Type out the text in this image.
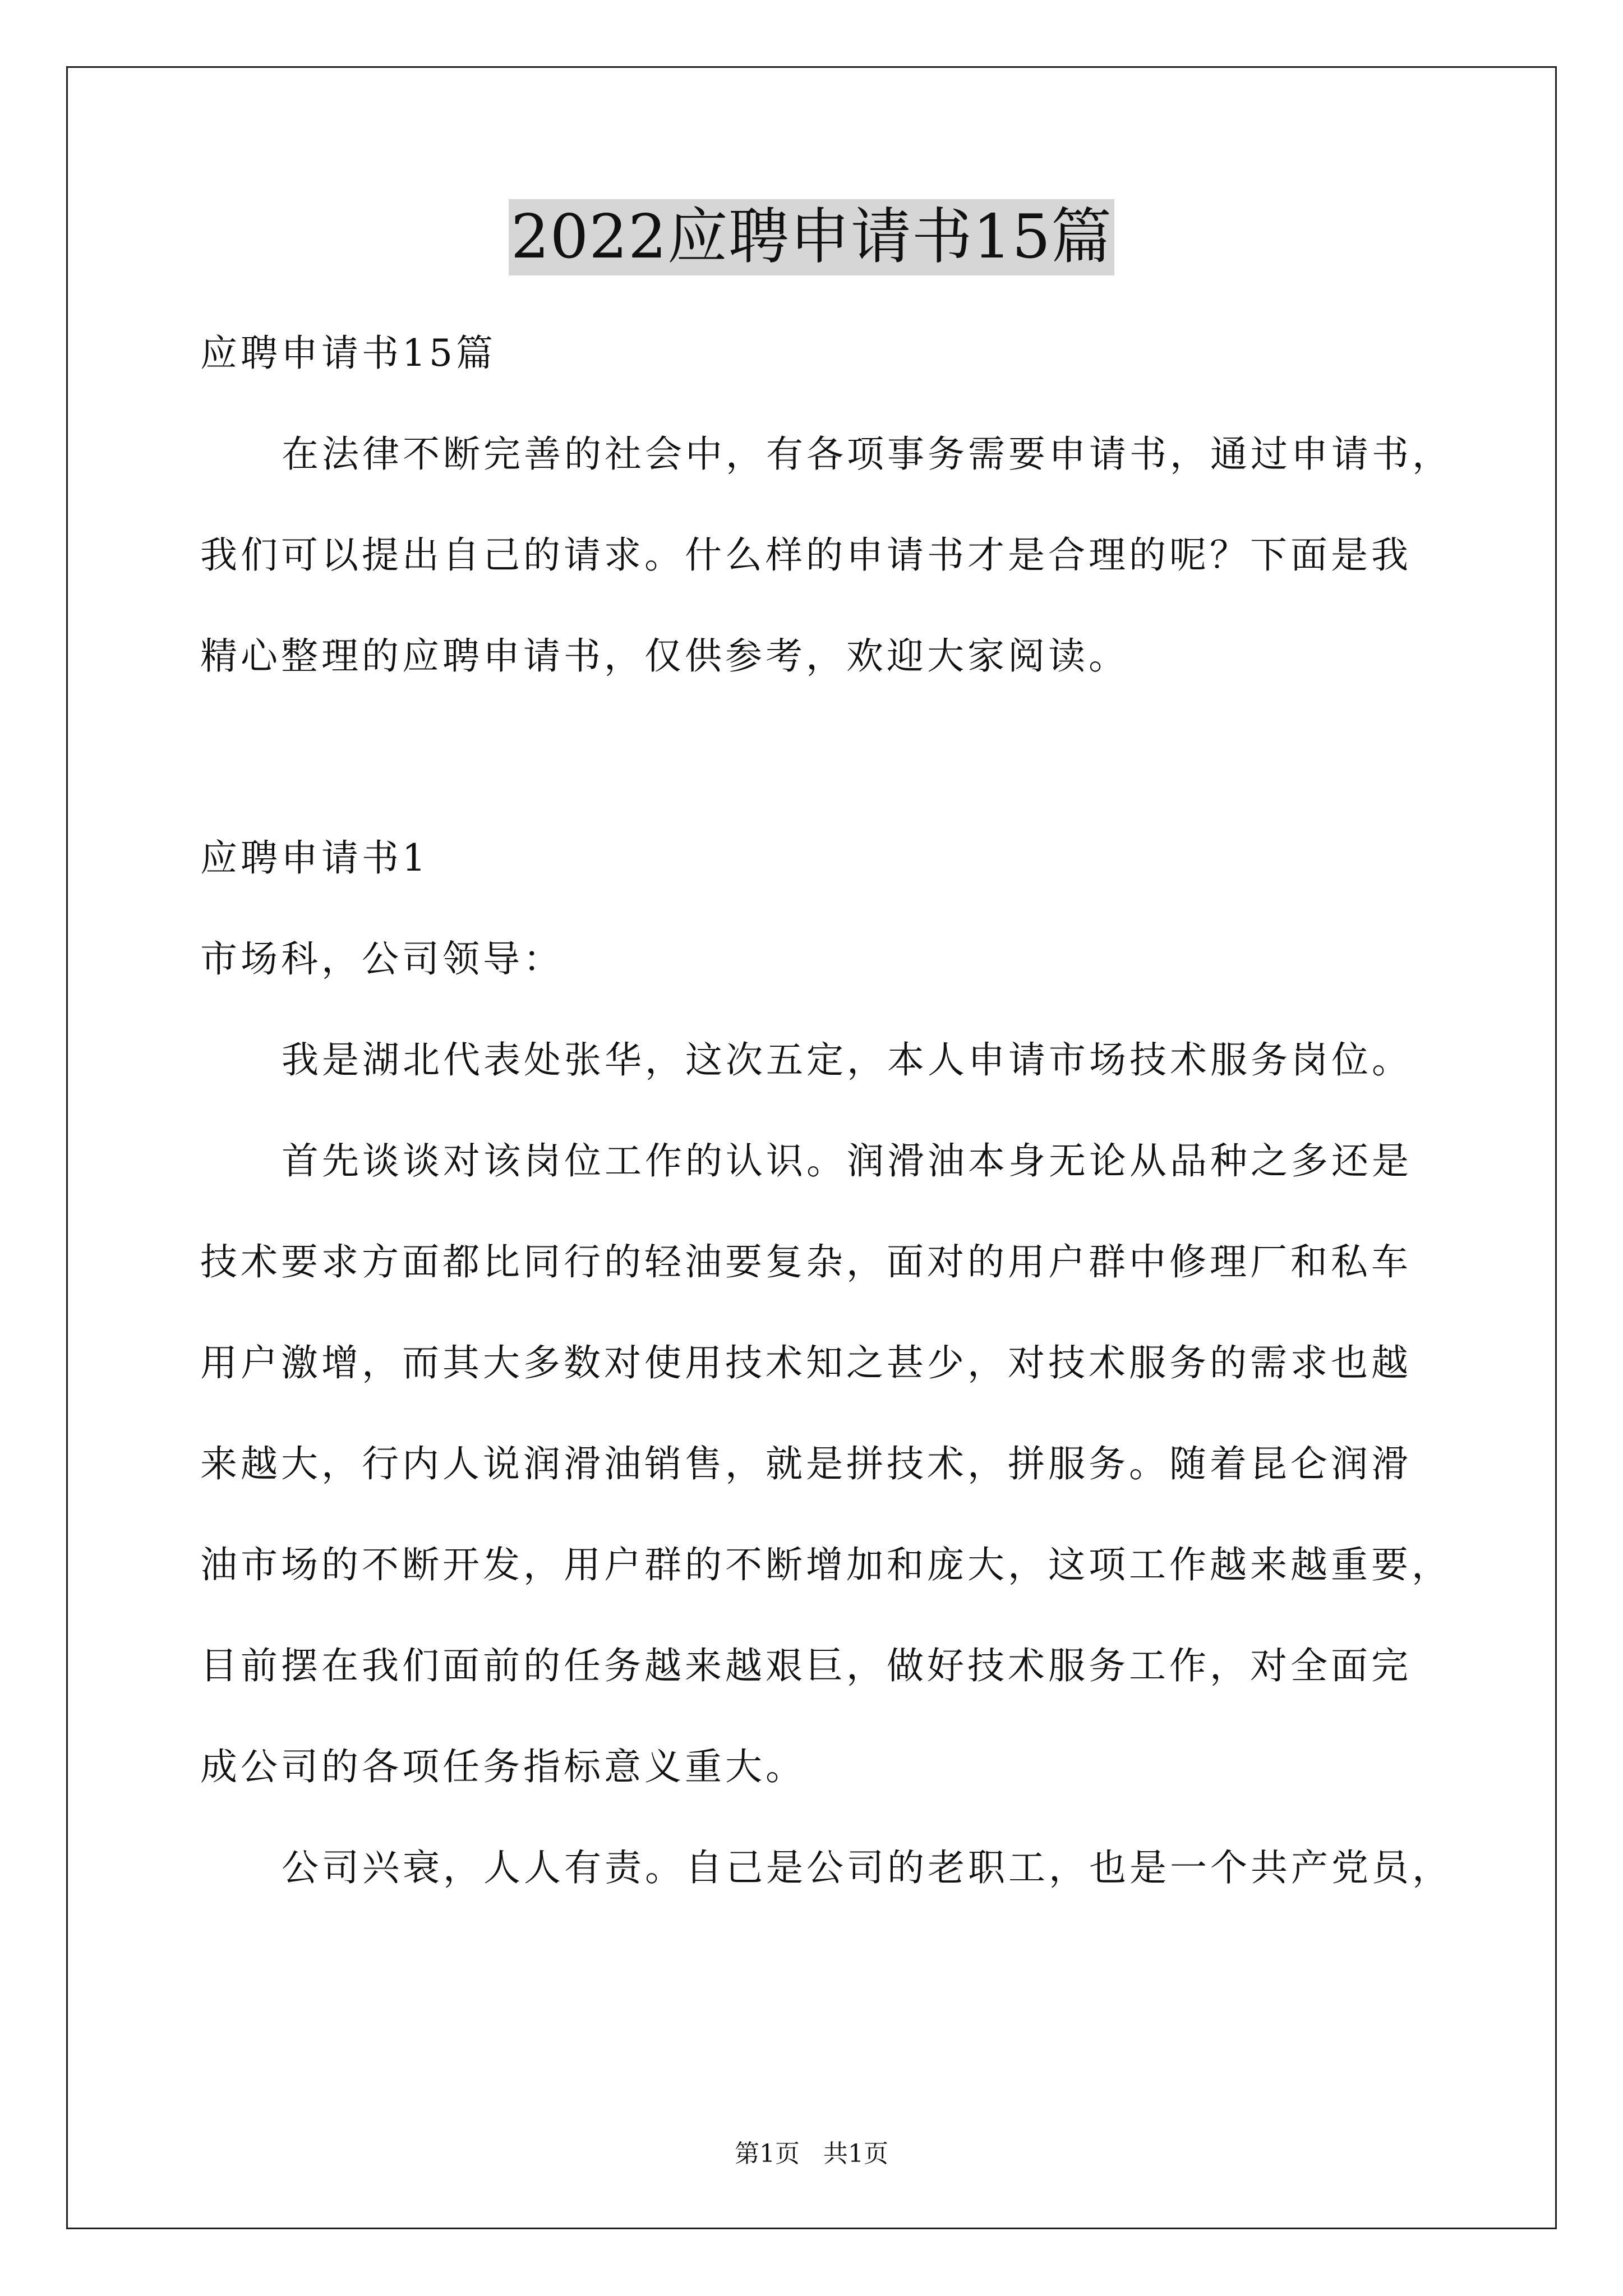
2022应聘申请书15篇
应聘申请书15篇
在法律不断完善的社会中，有各项事务需要申请书，通过申请书，
我们可以提出自己的请求。什么样的申请书才是合理的呢？下面是我
精心整理的应聘申请书，仅供参考，欢迎大家阅读。
应聘申请书1
市场科，公司领导：
我是湖北代表处张华，这次五定，本人申请市场技术服务岗位。
首先谈谈对该岗位工作的认识。润滑油本身无论从品种之多还是
技术要求方面都比同行的轻油要复杂，面对的用户群中修理厂和私车
用户激增，而其大多数对使用技术知之甚少，对技术服务的需求也越
来越大，行内人说润滑油销售，就是拼技术，拼服务。随着昆仑润滑
油市场的不断开发，用户群的不断增加和庞大，这项工作越来越重要，
目前摆在我们面前的任务越来越艰巨，做好技术服务工作，对全面完
成公司的各项任务指标意义重大。
公司兴衰，人人有责。自己是公司的老职工，也是一个共产党员，
第1页 共1页
